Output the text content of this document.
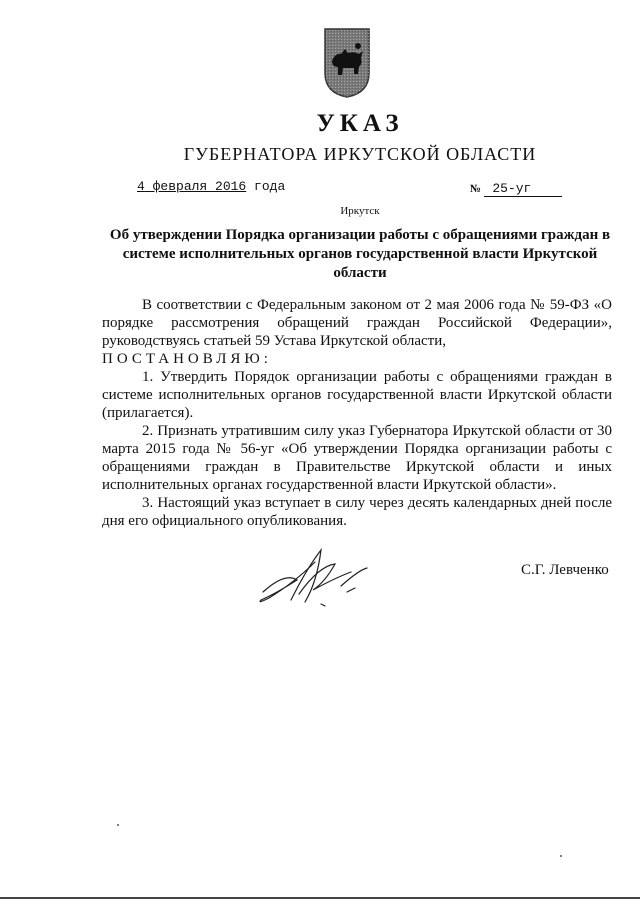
УКАЗ
ГУБЕРНАТОРА ИРКУТСКОЙ ОБЛАСТИ
4 февраля 2016 года	№ 25-уг
Иркутск
Об утверждении Порядка организации работы с обращениями граждан в системе исполнительных органов государственной власти Иркутской области

В соответствии с Федеральным законом от 2 мая 2006 года № 59-ФЗ «О порядке рассмотрения обращений граждан Российской Федерации», руководствуясь статьей 59 Устава Иркутской области,

ПОСТАНОВЛЯЮ:

1. Утвердить Порядок организации работы с обращениями граждан в системе исполнительных органов государственной власти Иркутской области (прилагается).

2. Признать утратившим силу указ Губернатора Иркутской области от 30 марта 2015 года № 56-уг «Об утверждении Порядка организации работы с обращениями граждан в Правительстве Иркутской области и иных исполнительных органах государственной власти Иркутской области».

3. Настоящий указ вступает в силу через десять календарных дней после дня его официального опубликования.

С.Г. Левченко
